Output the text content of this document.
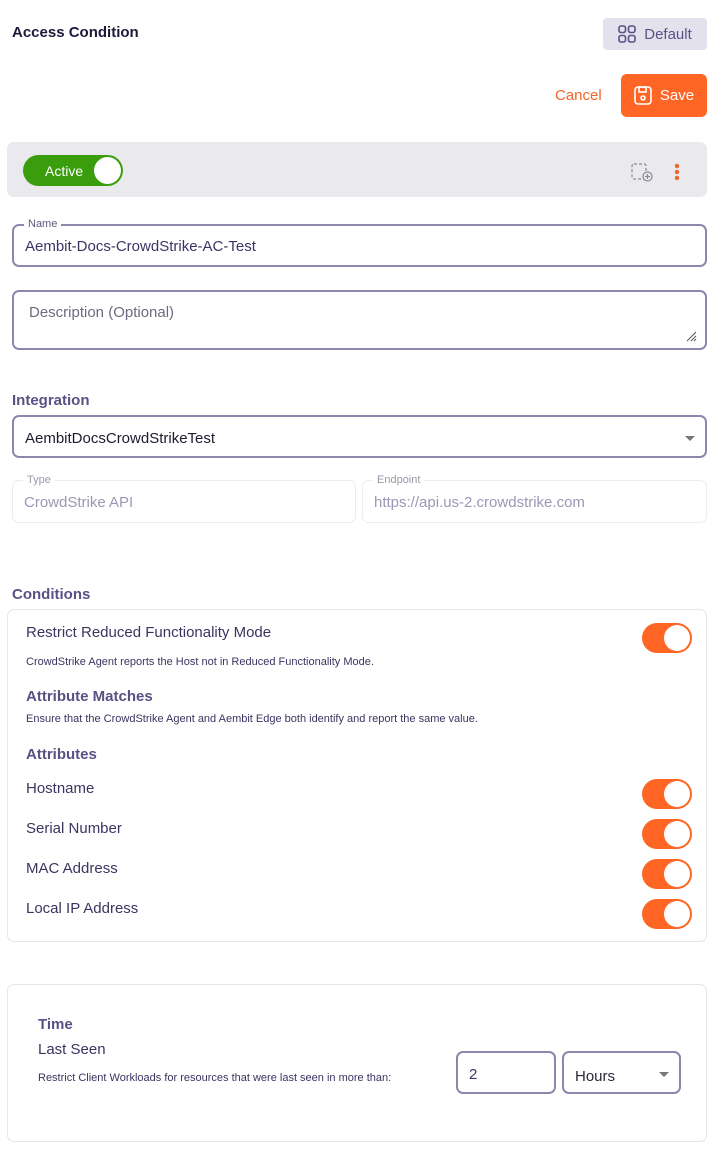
Access Condition	Default
Cancel	Save
Active
Name
Aembit-Docs-CrowdStrike-AC-Test
Description (Optional)
Integration
AembitDocsCrowdStrikeTest
Type
CrowdStrike API
Endpoint
https://api.us-2.crowdstrike.com
Conditions
Restrict Reduced Functionality Mode
CrowdStrike Agent reports the Host not in Reduced Functionality Mode.
Attribute Matches
Ensure that the CrowdStrike Agent and Aembit Edge both identify and report the same value.
Attributes
Hostname
Serial Number
MAC Address
Local IP Address
Time
Last Seen
Restrict Client Workloads for resources that were last seen in more than:	2	Hours
